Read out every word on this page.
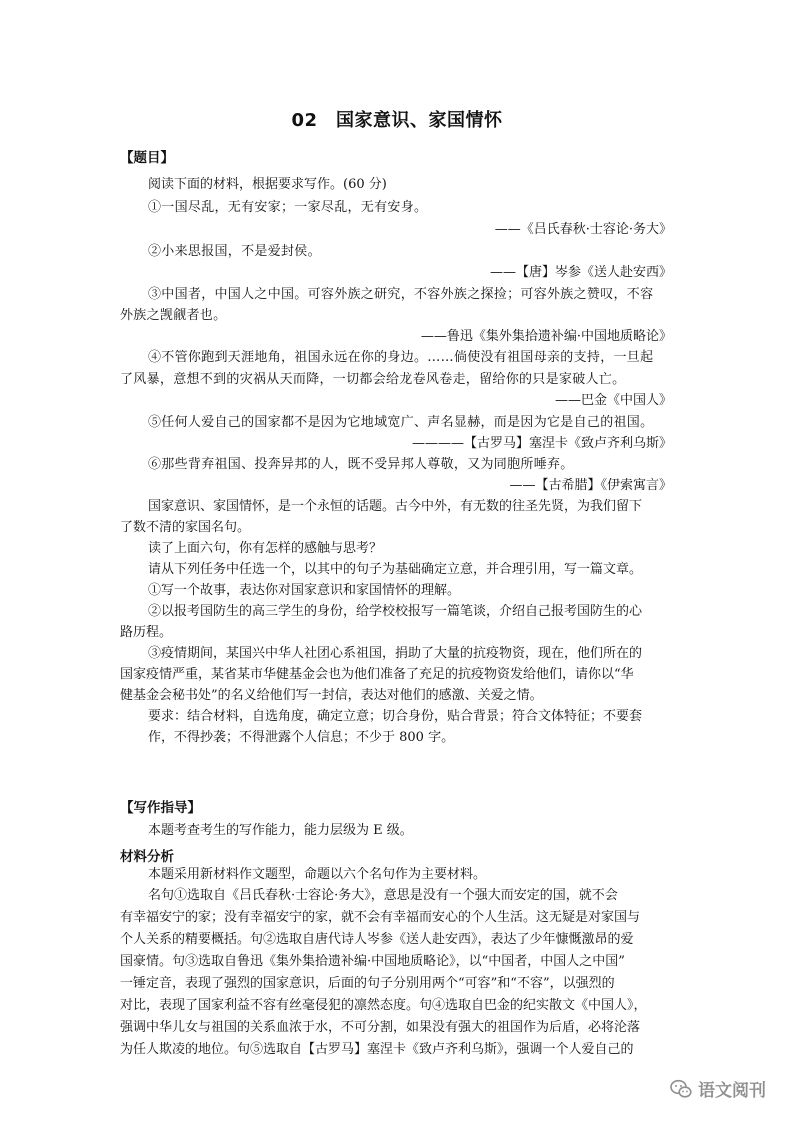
02　国家意识、家国情怀
【题目】
阅读下面的材料，根据要求写作。(60 分)
①一国尽乱，无有安家；一家尽乱，无有安身。
——《吕氏春秋·士容论·务大》
②小来思报国，不是爱封侯。
——【唐】岑参《送人赴安西》
③中国者，中国人之中国。可容外族之研究，不容外族之探捡；可容外族之赞叹，不容
外族之觊觎者也。
——鲁迅《集外集拾遗补编·中国地质略论》
④不管你跑到天涯地角，祖国永远在你的身边。……倘使没有祖国母亲的支持，一旦起
了风暴，意想不到的灾祸从天而降，一切都会给龙卷风卷走，留给你的只是家破人亡。
——巴金《中国人》
⑤任何人爱自己的国家都不是因为它地域宽广、声名显赫，而是因为它是自己的祖国。
————【古罗马】塞涅卡《致卢齐利乌斯》
⑥那些背弃祖国、投奔异邦的人，既不受异邦人尊敬，又为同胞所唾弃。
——【古希腊】《伊索寓言》
国家意识、家国情怀，是一个永恒的话题。古今中外，有无数的往圣先贤，为我们留下
了数不清的家国名句。
读了上面六句，你有怎样的感触与思考？
请从下列任务中任选一个，以其中的句子为基础确定立意，并合理引用，写一篇文章。
①写一个故事，表达你对国家意识和家国情怀的理解。
②以报考国防生的高三学生的身份，给学校校报写一篇笔谈，介绍自己报考国防生的心
路历程。
③疫情期间，某国兴中华人社团心系祖国，捐助了大量的抗疫物资，现在，他们所在的
国家疫情严重，某省某市华健基金会也为他们准备了充足的抗疫物资发给他们，请你以“华
健基金会秘书处”的名义给他们写一封信，表达对他们的感激、关爱之情。
要求：结合材料，自选角度，确定立意；切合身份，贴合背景；符合文体特征；不要套
作，不得抄袭；不得泄露个人信息；不少于 800 字。
【写作指导】
本题考查考生的写作能力，能力层级为 E 级。
材料分析
本题采用新材料作文题型，命题以六个名句作为主要材料。
名句①选取自《吕氏春秋·士容论·务大》，意思是没有一个强大而安定的国，就不会
有幸福安宁的家；没有幸福安宁的家，就不会有幸福而安心的个人生活。这无疑是对家国与
个人关系的精要概括。句②选取自唐代诗人岑参《送人赴安西》，表达了少年慷慨激昂的爱
国豪情。句③选取自鲁迅《集外集拾遗补编·中国地质略论》，以“中国者，中国人之中国”
一锤定音，表现了强烈的国家意识，后面的句子分别用两个“可容”和“不容”，以强烈的
对比，表现了国家利益不容有丝毫侵犯的凛然态度。句④选取自巴金的纪实散文《中国人》，
强调中华儿女与祖国的关系血浓于水，不可分割，如果没有强大的祖国作为后盾，必将沦落
为任人欺凌的地位。句⑤选取自【古罗马】塞涅卡《致卢齐利乌斯》，强调一个人爱自己的
语文阅刊
